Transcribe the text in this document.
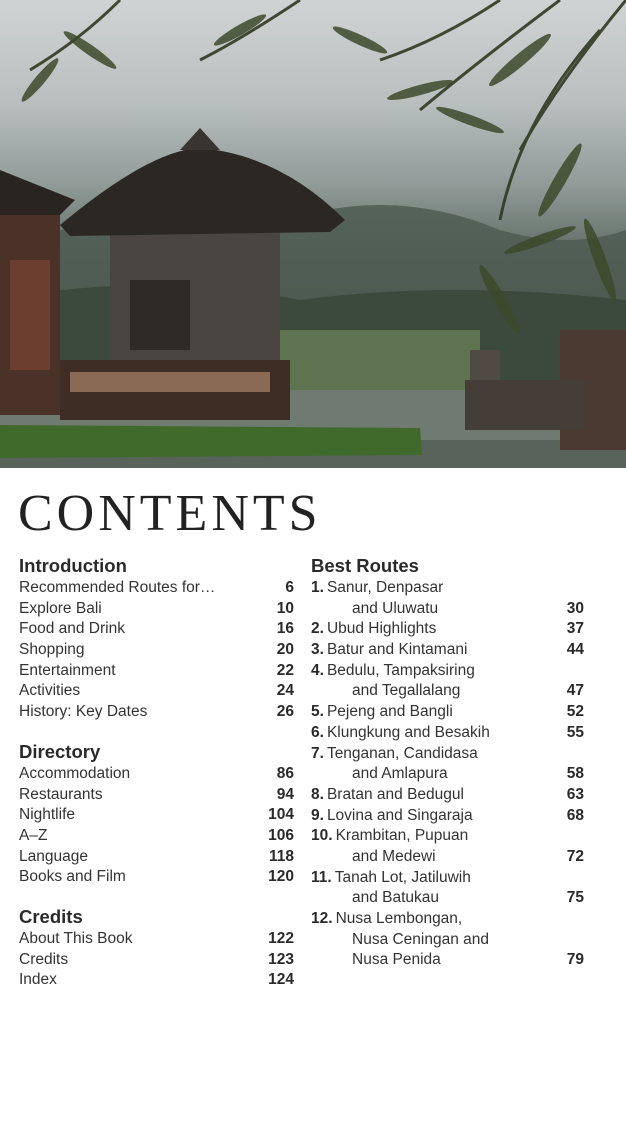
CONTENTS
Introduction
Recommended Routes for…	6
Explore Bali	10
Food and Drink	16
Shopping	20
Entertainment	22
Activities	24
History: Key Dates	26
Directory
Accommodation	86
Restaurants	94
Nightlife	104
A–Z	106
Language	118
Books and Film	120
Credits
About This Book	122
Credits	123
Index	124
Best Routes
1. Sanur, Denpasar
and Uluwatu	30
2. Ubud Highlights	37
3. Batur and Kintamani	44
4. Bedulu, Tampaksiring
and Tegallalang	47
5. Pejeng and Bangli	52
6. Klungkung and Besakih	55
7. Tenganan, Candidasa
and Amlapura	58
8. Bratan and Bedugul	63
9. Lovina and Singaraja	68
10. Krambitan, Pupuan
and Medewi	72
11. Tanah Lot, Jatiluwih
and Batukau	75
12. Nusa Lembongan,
Nusa Ceningan and
Nusa Penida	79
